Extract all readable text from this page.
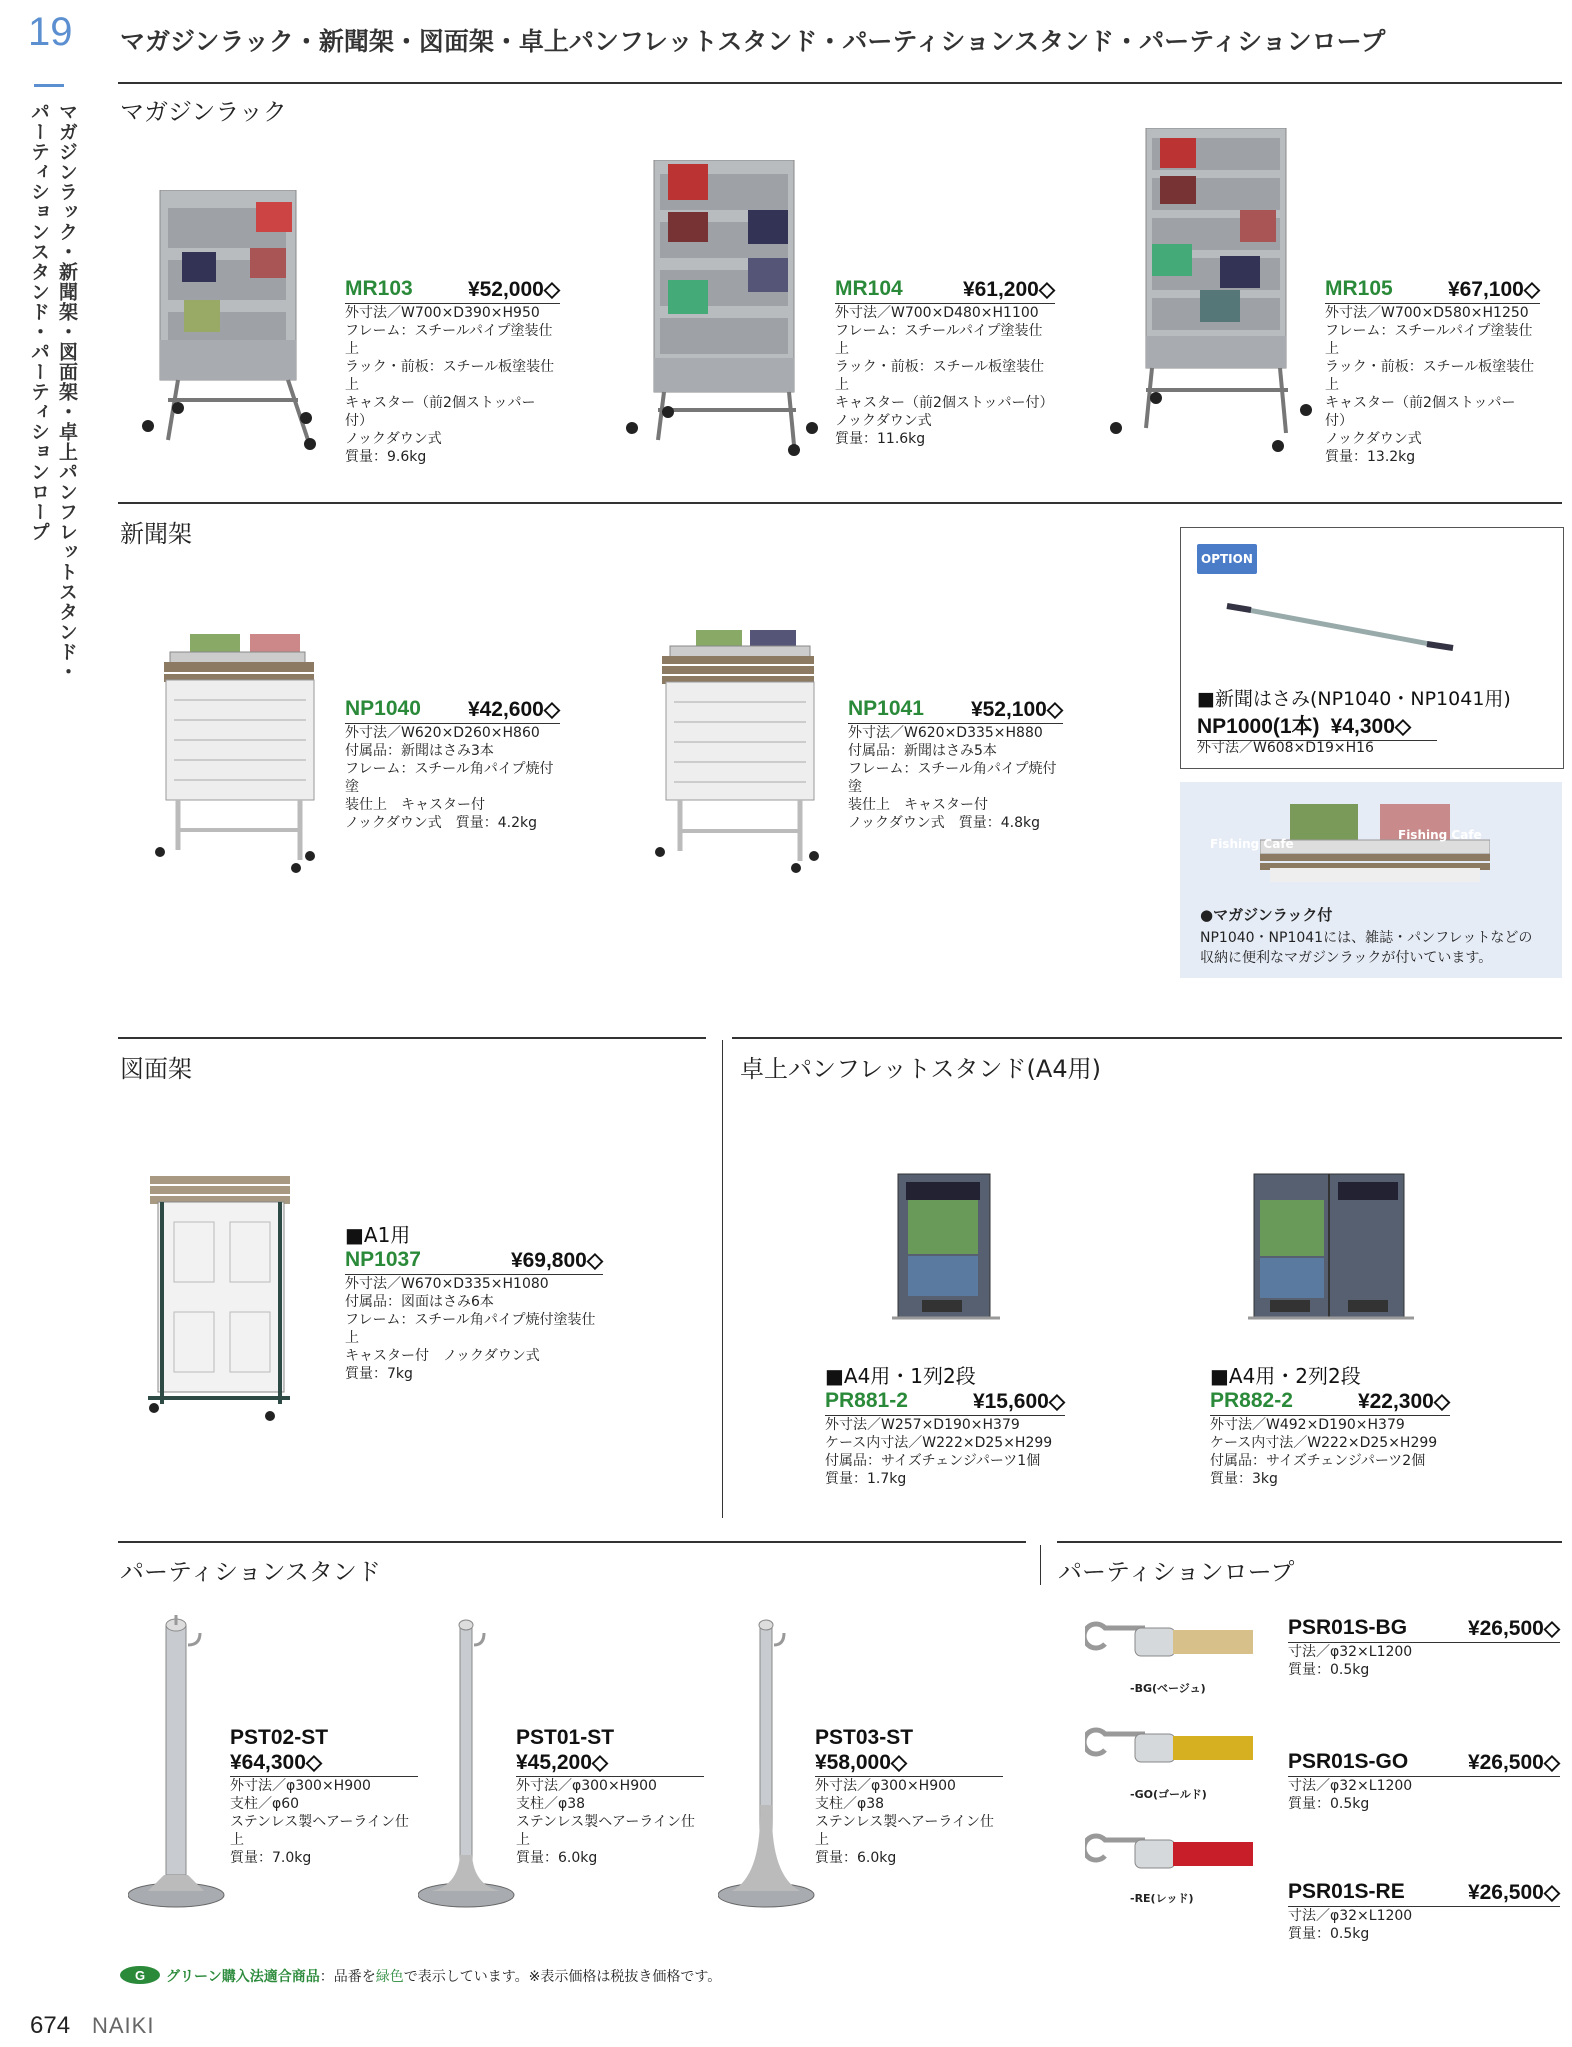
19
マガジンラック・新聞架・図面架・卓上パンフレットスタンド・
パーティションスタンド・パーティションロープ
マガジンラック・新聞架・図面架・卓上パンフレットスタンド・パーティションスタンド・パーティションロープ
マガジンラック
MR103	¥52,000◇
外寸法／W700×D390×H950
フレーム：スチールパイプ塗装仕上
ラック・前板：スチール板塗装仕上
キャスター（前2個ストッパー付）
ノックダウン式
質量：9.6kg
MR104	¥61,200◇
外寸法／W700×D480×H1100
フレーム：スチールパイプ塗装仕上
ラック・前板：スチール板塗装仕上
キャスター（前2個ストッパー付）
ノックダウン式
質量：11.6kg
MR105	¥67,100◇
外寸法／W700×D580×H1250
フレーム：スチールパイプ塗装仕上
ラック・前板：スチール板塗装仕上
キャスター（前2個ストッパー付）
ノックダウン式
質量：13.2kg
新聞架
NP1040 ¥42,600◇
外寸法／W620×D260×H860
付属品：新聞はさみ3本
フレーム：スチール角パイプ焼付塗
装仕上　キャスター付
ノックダウン式　質量：4.2kg
NP1041 ¥52,100◇
外寸法／W620×D335×H880
付属品：新聞はさみ5本
フレーム：スチール角パイプ焼付塗
装仕上　キャスター付
ノックダウン式　質量：4.8kg
OPTION
■新聞はさみ(NP1040・NP1041用)
NP1000(1本) ¥4,300◇
外寸法／W608×D19×H16
Fishing Cafe
Fishing Cafe
●マガジンラック付
NP1040・NP1041には、雑誌・パンフレットなどの
収納に便利なマガジンラックが付いています。
図面架	卓上パンフレットスタンド(A4用)
■A1用
NP1037	¥69,800◇
外寸法／W670×D335×H1080
付属品：図面はさみ6本
フレーム：スチール角パイプ焼付塗装仕上
キャスター付　ノックダウン式
質量：7kg	■A4用・1列2段
PR881-2	¥15,600◇
外寸法／W257×D190×H379
ケース内寸法／W222×D25×H299
付属品：サイズチェンジパーツ1個
質量：1.7kg
■A4用・2列2段
PR882-2	¥22,300◇
外寸法／W492×D190×H379
ケース内寸法／W222×D25×H299
付属品：サイズチェンジパーツ2個
質量：3kg
パーティションスタンド	パーティションロープ
PST02-ST
¥64,300◇
外寸法／φ300×H900
支柱／φ60
ステンレス製ヘアーライン仕上
質量：7.0kg
PST01-ST
¥45,200◇
外寸法／φ300×H900
支柱／φ38
ステンレス製ヘアーライン仕上
質量：6.0kg
PST03-ST
¥58,000◇
外寸法／φ300×H900
支柱／φ38
ステンレス製ヘアーライン仕上
質量：6.0kg
-BG(ベージュ)
-GO(ゴールド)
-RE(レッド)
PSR01S-BG	¥26,500◇
寸法／φ32×L1200
質量：0.5kg
PSR01S-GO	¥26,500◇
寸法／φ32×L1200
質量：0.5kg
PSR01S-RE	¥26,500◇
寸法／φ32×L1200
質量：0.5kg
G グリーン購入法適合商品：品番を緑色で表示しています。※表示価格は税抜き価格です。
674 NAIKI
